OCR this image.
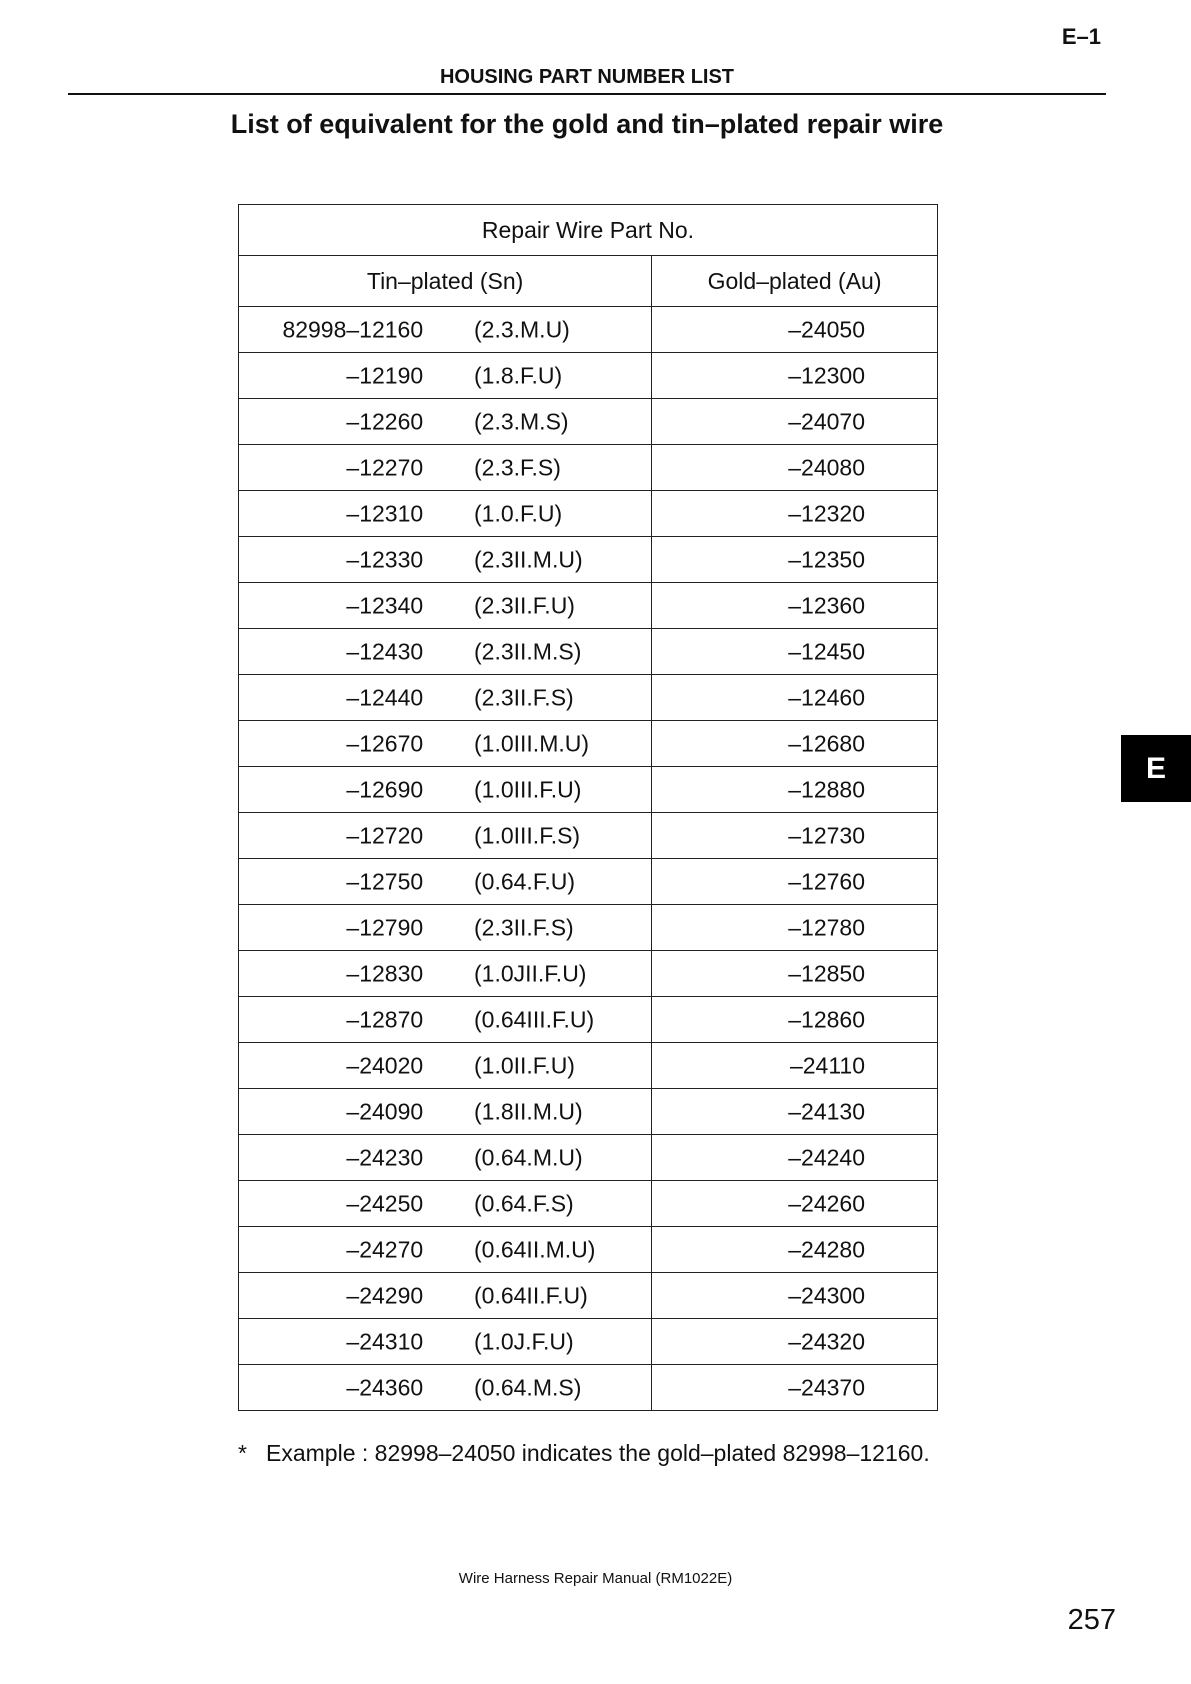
E–1
HOUSING PART NUMBER LIST
List of equivalent for the gold and tin–plated repair wire
Repair Wire Part No.	
Tin–plated (Sn)	Gold–plated (Au)

82998–12160 (2.3.M.U)	–24050

–12190 (1.8.F.U)	–12300

–12260 (2.3.M.S)	–24070

–12270 (2.3.F.S)	–24080

–12310 (1.0.F.U)	–12320

–12330 (2.3II.M.U)	–12350

–12340 (2.3II.F.U)	–12360

–12430 (2.3II.M.S)	–12450

–12440 (2.3II.F.S)	–12460

–12670 (1.0III.M.U)	–12680

–12690 (1.0III.F.U)	–12880

–12720 (1.0III.F.S)	–12730

–12750 (0.64.F.U)	–12760

–12790 (2.3II.F.S)	–12780

–12830 (1.0JII.F.U)	–12850

–12870 (0.64III.F.U)	–12860

–24020 (1.0II.F.U)	–24110

–24090 (1.8II.M.U)	–24130

–24230 (0.64.M.U)	–24240

–24250 (0.64.F.S)	–24260

–24270 (0.64II.M.U)	–24280

–24290 (0.64II.F.U)	–24300

–24310 (1.0J.F.U)	–24320

–24360 (0.64.M.S)	–24370
* Example : 82998–24050 indicates the gold–plated 82998–12160.
Wire Harness Repair Manual (RM1022E)
257
E
